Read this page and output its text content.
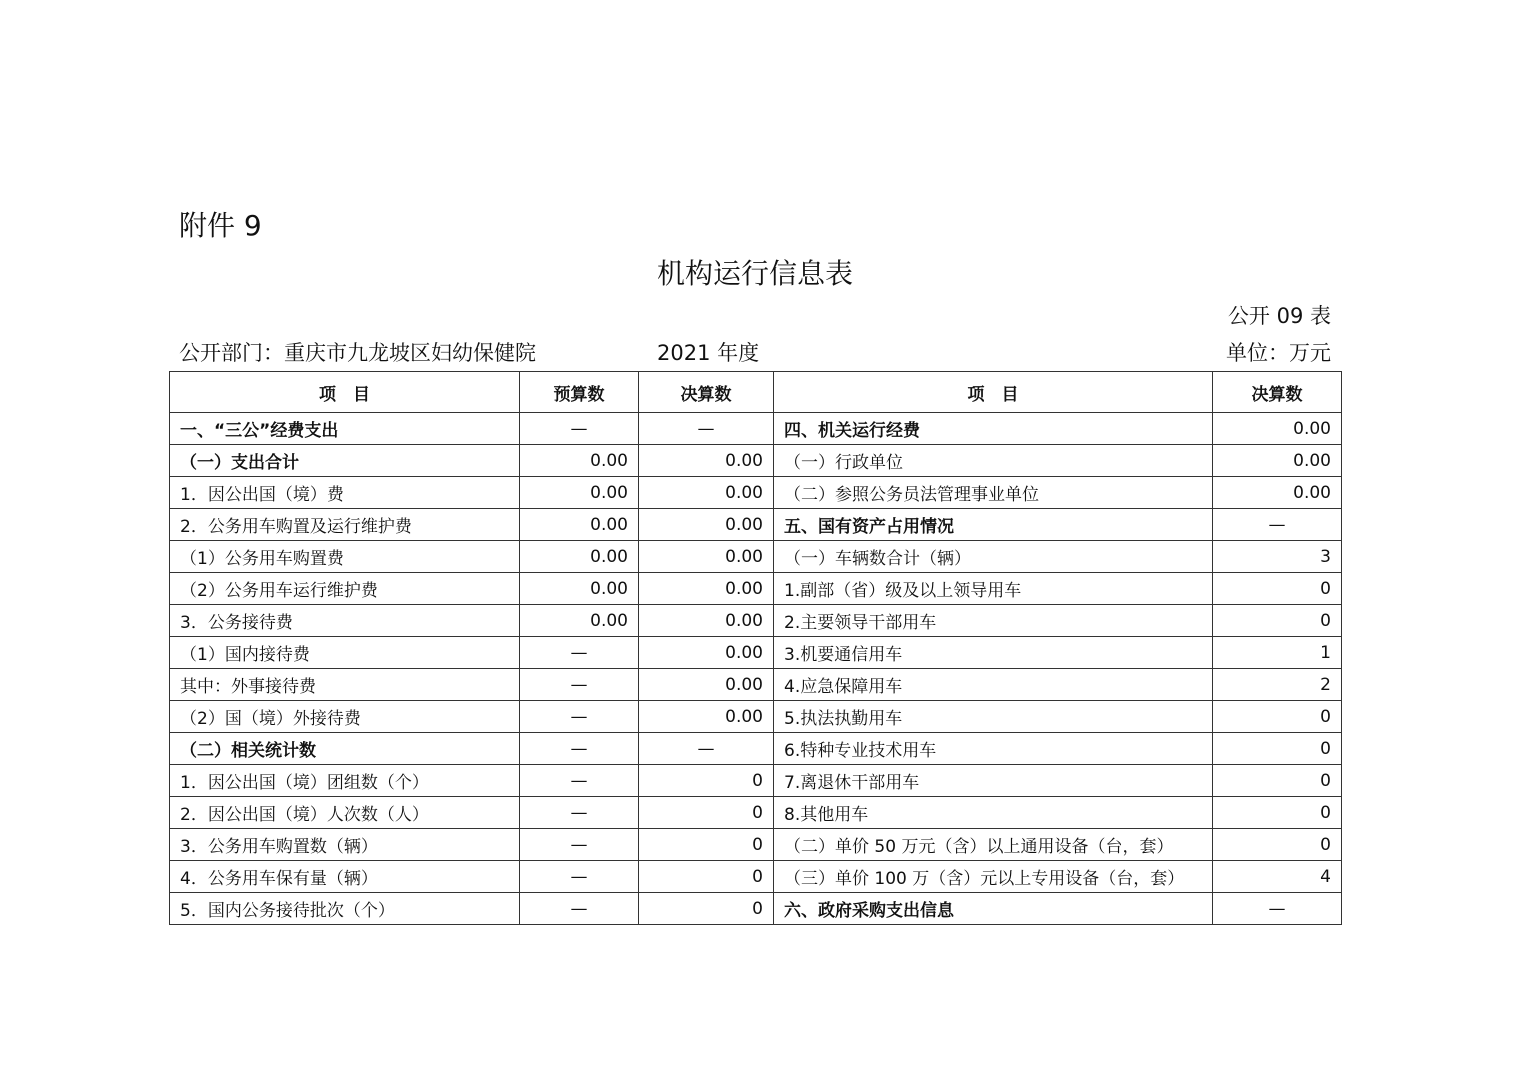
附件 9
机构运行信息表
公开 09 表
公开部门：重庆市九龙坡区妇幼保健院	2021 年度	单位：万元
项　目	预算数	决算数	项　目	决算数
一、“三公”经费支出	—	—	四、机关运行经费	0.00
（一）支出合计	0.00	0.00	（一）行政单位	0.00
1．因公出国（境）费	0.00	0.00	（二）参照公务员法管理事业单位	0.00
2．公务用车购置及运行维护费	0.00	0.00	五、国有资产占用情况	—
（1）公务用车购置费	0.00	0.00	（一）车辆数合计（辆）	3
（2）公务用车运行维护费	0.00	0.00	1.副部（省）级及以上领导用车	0
3．公务接待费	0.00	0.00	2.主要领导干部用车	0
（1）国内接待费	—	0.00	3.机要通信用车	1
其中：外事接待费	—	0.00	4.应急保障用车	2
（2）国（境）外接待费	—	0.00	5.执法执勤用车	0
（二）相关统计数	—	—	6.特种专业技术用车	0
1．因公出国（境）团组数（个）	—	0	7.离退休干部用车	0
2．因公出国（境）人次数（人）	—	0	8.其他用车	0
3．公务用车购置数（辆）	—	0	（二）单价 50 万元（含）以上通用设备（台，套）	0
4．公务用车保有量（辆）	—	0	（三）单价 100 万（含）元以上专用设备（台，套）	4
5．国内公务接待批次（个）	—	0	六、政府采购支出信息	—
